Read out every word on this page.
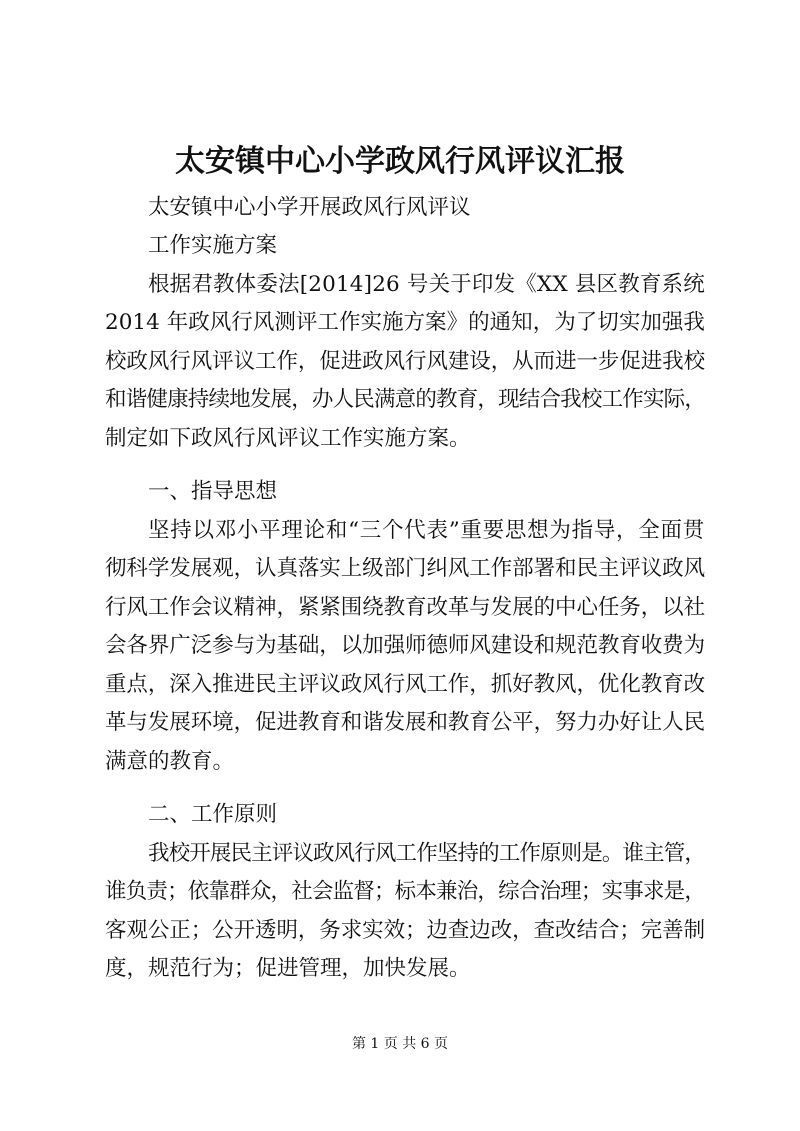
太安镇中心小学政风行风评议汇报
太安镇中心小学开展政风行风评议
工作实施方案
根据君教体委法[2014]26 号关于印发《XX 县区教育系统
2014 年政风行风测评工作实施方案》的通知，为了切实加强我
校政风行风评议工作，促进政风行风建设，从而进一步促进我校
和谐健康持续地发展，办人民满意的教育，现结合我校工作实际，
制定如下政风行风评议工作实施方案。
一、指导思想
坚持以邓小平理论和“三个代表”重要思想为指导，全面贯
彻科学发展观，认真落实上级部门纠风工作部署和民主评议政风
行风工作会议精神，紧紧围绕教育改革与发展的中心任务，以社
会各界广泛参与为基础，以加强师德师风建设和规范教育收费为
重点，深入推进民主评议政风行风工作，抓好教风，优化教育改
革与发展环境，促进教育和谐发展和教育公平，努力办好让人民
满意的教育。
二、工作原则
我校开展民主评议政风行风工作坚持的工作原则是。谁主管，
谁负责；依靠群众，社会监督；标本兼治，综合治理；实事求是，
客观公正；公开透明，务求实效；边查边改，查改结合；完善制
度，规范行为；促进管理，加快发展。
第 1 页 共 6 页
